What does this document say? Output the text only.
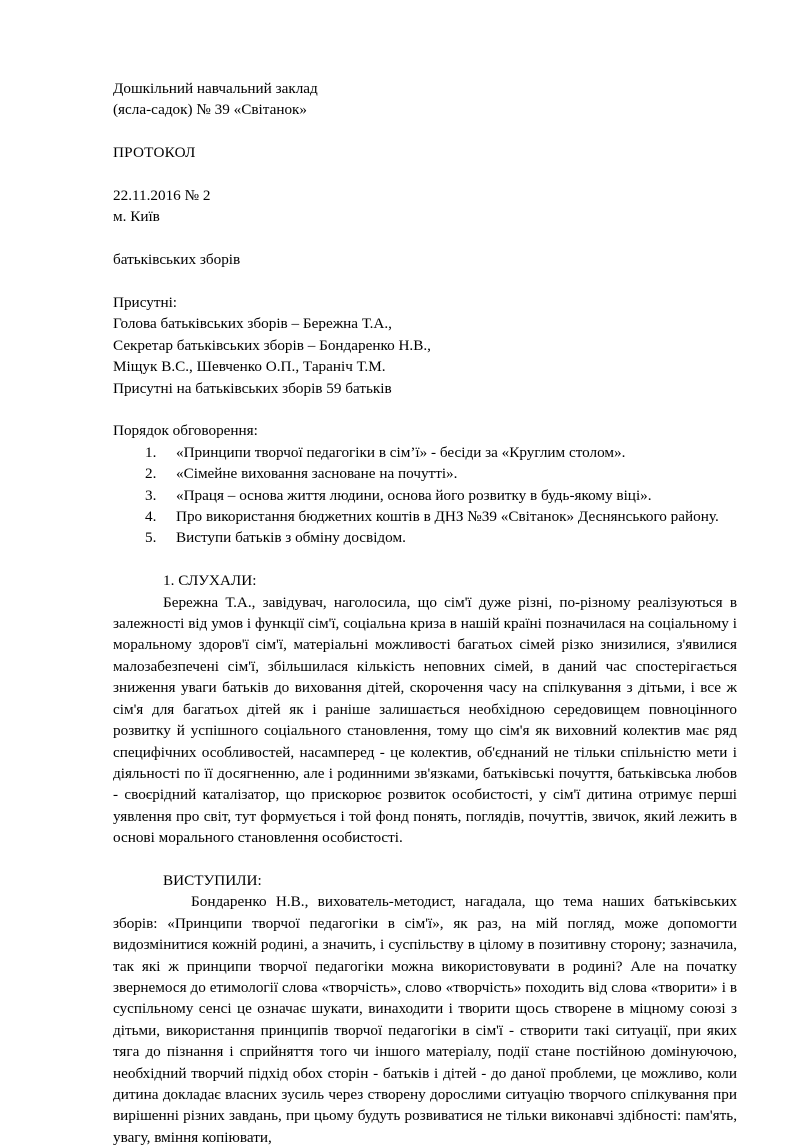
Дошкільний навчальний заклад
(ясла-садок) № 39 «Світанок»
ПРОТОКОЛ
22.11.2016 № 2
м. Київ
батьківських зборів
Присутні:
Голова батьківських зборів – Бережна Т.А.,
Секретар батьківських зборів – Бондаренко Н.В.,
Міщук В.С., Шевченко О.П., Тараніч Т.М.
Присутні на батьківських зборів 59 батьків
Порядок обговорення:
1.	«Принципи творчої педагогіки в сім’ї» - бесіди за «Круглим столом».
2.	«Сімейне виховання засноване на почутті».
3.	«Праця – основа життя людини, основа його розвитку в будь-якому віці».
4.	Про використання бюджетних коштів в ДНЗ №39 «Світанок» Деснянського району.
5.	Виступи батьків з обміну досвідом.
1. СЛУХАЛИ:

Бережна Т.А., завідувач, наголосила, що сім'ї дуже різні, по-різному реалізуються в залежності від умов і функції сім'ї, соціальна криза в нашій країні позначилася на соціальному і моральному здоров'ї сім'ї, матеріальні можливості багатьох сімей різко знизилися, з'явилися малозабезпечені сім'ї, збільшилася кількість неповних сімей, в даний час спостерігається зниження уваги батьків до виховання дітей, скорочення часу на спілкування з дітьми, і все ж сім'я для багатьох дітей як і раніше залишається необхідною середовищем повноцінного розвитку й успішного соціального становлення, тому що сім'я як виховний колектив має ряд специфічних особливостей, насамперед - це колектив, об'єднаний не тільки спільністю мети і діяльності по її досягненню, але і родинними зв'язками, батьківські почуття, батьківська любов - своєрідний каталізатор, що прискорює розвиток особистості, у сім'ї дитина отримує перші уявлення про світ, тут формується і той фонд понять, поглядів, почуттів, звичок, який лежить в основі морального становлення особистості.

ВИСТУПИЛИ:

Бондаренко Н.В., вихователь-методист, нагадала, що тема наших батьківських зборів: «Принципи творчої педагогіки в сім'ї», як раз, на мій погляд, може допомогти видозмінитися кожній родині, а значить, і суспільству в цілому в позитивну сторону; зазначила, так які ж принципи творчої педагогіки можна використовувати в родині? Але на початку звернемося до етимології слова «творчість», слово «творчість» походить від слова «творити» і в суспільному сенсі це означає шукати, винаходити і творити щось створене в міцному союзі з дітьми, використання принципів творчої педагогіки в сім'ї - створити такі ситуації, при яких тяга до пізнання і сприйняття того чи іншого матеріалу, події стане постійною домінуючою, необхідний творчий підхід обох сторін - батьків і дітей - до даної проблеми, це можливо, коли дитина докладає власних зусиль через створену дорослими ситуацію творчого спілкування при вирішенні різних завдань, при цьому будуть розвиватися не тільки виконавчі здібності: пам'ять, увагу, вміння копіювати,
